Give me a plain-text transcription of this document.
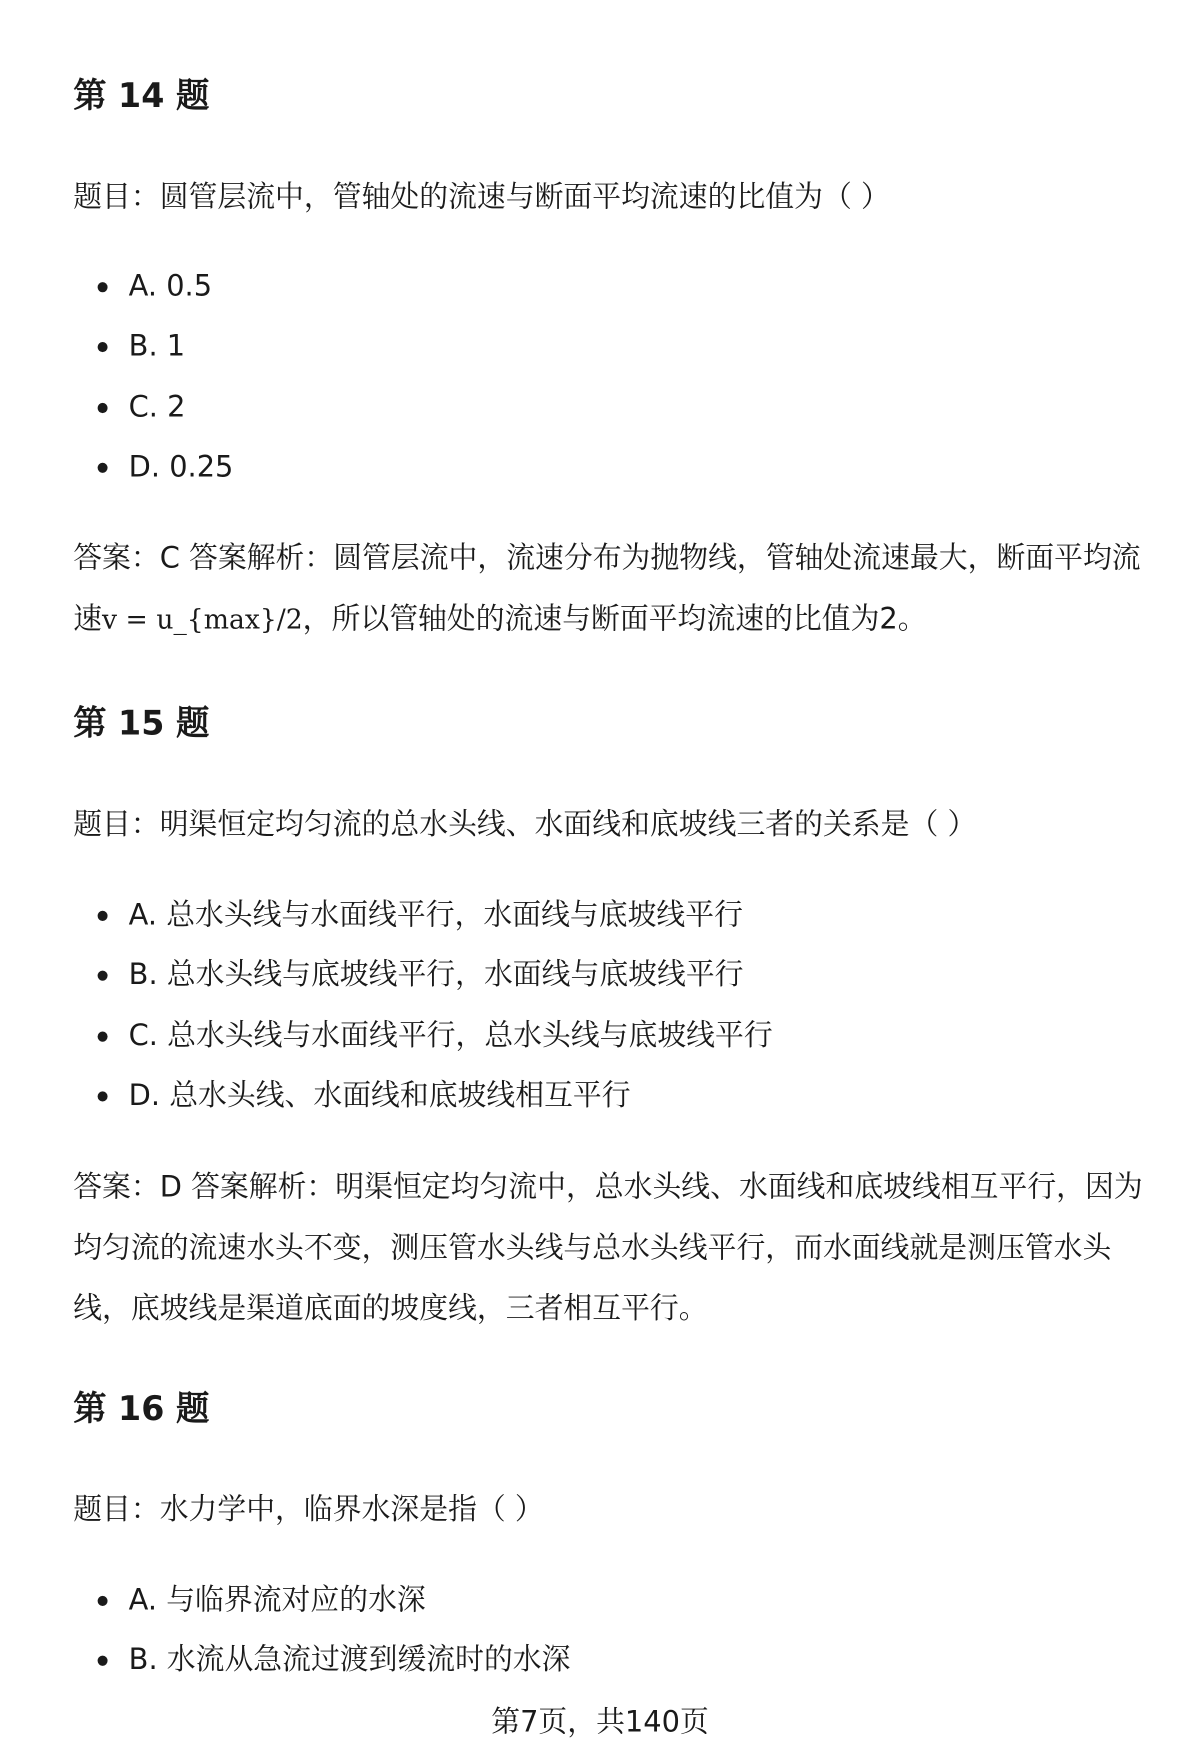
第 14 题

题目：圆管层流中，管轴处的流速与断面平均流速的比值为（ ）

A. 0.5
B. 1
C. 2
D. 0.25

答案：C 答案解析：圆管层流中，流速分布为抛物线，管轴处流速最大，断面平均流速v = u_{max}/2，所以管轴处的流速与断面平均流速的比值为2。

第 15 题

题目：明渠恒定均匀流的总水头线、水面线和底坡线三者的关系是（ ）

A. 总水头线与水面线平行，水面线与底坡线平行
B. 总水头线与底坡线平行，水面线与底坡线平行
C. 总水头线与水面线平行，总水头线与底坡线平行
D. 总水头线、水面线和底坡线相互平行

答案：D 答案解析：明渠恒定均匀流中，总水头线、水面线和底坡线相互平行，因为均匀流的流速水头不变，测压管水头线与总水头线平行，而水面线就是测压管水头线，底坡线是渠道底面的坡度线，三者相互平行。

第 16 题

题目：水力学中，临界水深是指（ ）

A. 与临界流对应的水深
B. 水流从急流过渡到缓流时的水深
第7页，共140页
